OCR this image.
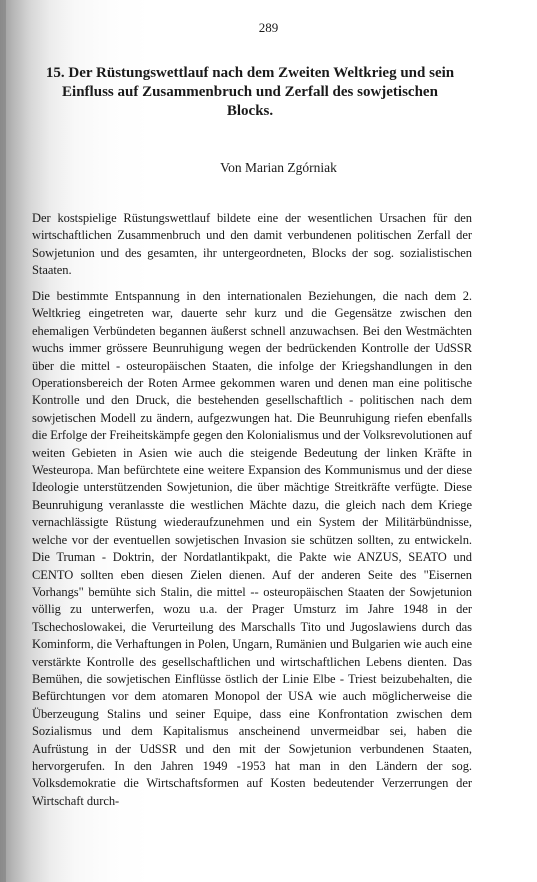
289
15. Der Rüstungswettlauf nach dem Zweiten Weltkrieg und sein Einfluss auf Zusammenbruch und Zerfall des sowjetischen Blocks.
Von Marian Zgórniak

Der kostspielige Rüstungswettlauf bildete eine der wesentlichen Ursachen für den wirtschaftlichen Zusammenbruch und den damit verbundenen politischen Zerfall der Sowjetunion und des gesamten, ihr untergeordneten, Blocks der sog. sozialistischen Staaten.

Die bestimmte Entspannung in den internationalen Beziehungen, die nach dem 2. Weltkrieg eingetreten war, dauerte sehr kurz und die Gegensätze zwischen den ehemaligen Verbündeten begannen äußerst schnell anzuwachsen. Bei den Westmächten wuchs immer grössere Beunruhigung wegen der bedrückenden Kontrolle der UdSSR über die mittel - osteuropäischen Staaten, die infolge der Kriegshandlungen in den Operationsbereich der Roten Armee gekommen waren und denen man eine politische Kontrolle und den Druck, die bestehenden gesellschaftlich - politischen nach dem sowjetischen Modell zu ändern, aufgezwungen hat. Die Beunruhigung riefen ebenfalls die Erfolge der Freiheitskämpfe gegen den Kolonialismus und der Volksrevolutionen auf weiten Gebieten in Asien wie auch die steigende Bedeutung der linken Kräfte in Westeuropa. Man befürchtete eine weitere Expansion des Kommunismus und der diese Ideologie unterstützenden Sowjetunion, die über mächtige Streitkräfte verfügte. Diese Beunruhigung veranlasste die westlichen Mächte dazu, die gleich nach dem Kriege vernachlässigte Rüstung wiederaufzunehmen und ein System der Militärbündnisse, welche vor der eventuellen sowjetischen Invasion sie schützen sollten, zu entwickeln. Die Truman - Doktrin, der Nordatlantikpakt, die Pakte wie ANZUS, SEATO und CENTO sollten eben diesen Zielen dienen. Auf der anderen Seite des "Eisernen Vorhangs" bemühte sich Stalin, die mittel -- osteuropäischen Staaten der Sowjetunion völlig zu unterwerfen, wozu u.a. der Prager Umsturz im Jahre 1948 in der Tschechoslowakei, die Verurteilung des Marschalls Tito und Jugoslawiens durch das Kominform, die Verhaftungen in Polen, Ungarn, Rumänien und Bulgarien wie auch eine verstärkte Kontrolle des gesellschaftlichen und wirtschaftlichen Lebens dienten. Das Bemühen, die sowjetischen Einflüsse östlich der Linie Elbe - Triest beizubehalten, die Befürchtungen vor dem atomaren Monopol der USA wie auch möglicherweise die Überzeugung Stalins und seiner Equipe, dass eine Konfrontation zwischen dem Sozialismus und dem Kapitalismus anscheinend unvermeidbar sei, haben die Aufrüstung in der UdSSR und den mit der Sowjetunion verbundenen Staaten, hervorgerufen. In den Jahren 1949 -1953 hat man in den Ländern der sog. Volksdemokratie die Wirtschaftsformen auf Kosten bedeutender Verzerrungen der Wirtschaft durch-
